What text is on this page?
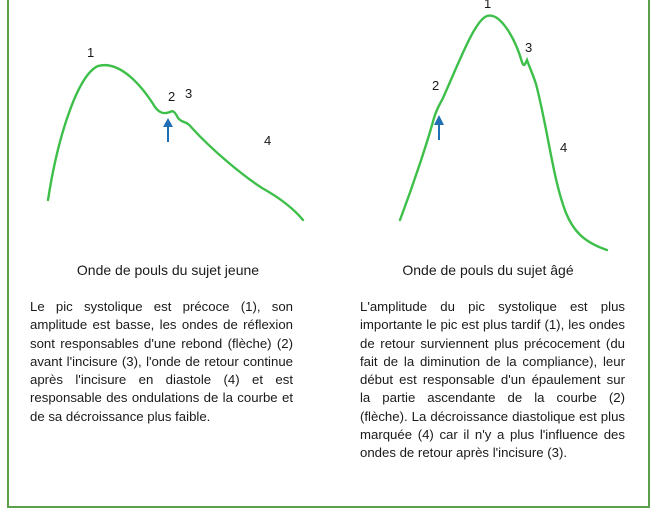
1
2 3
4
1
2
3
4
Onde de pouls du sujet jeune	Onde de pouls du sujet âgé
Le pic systolique est précoce (1), son amplitude est basse, les ondes de réflexion sont responsables d'une rebond (flèche) (2) avant l'incisure (3), l'onde de retour continue après l'incisure en diastole (4) et est responsable des ondulations de la courbe et de sa décroissance plus faible.
L'amplitude du pic systolique est plus importante le pic est plus tardif (1), les ondes de retour surviennent plus précocement (du fait de la diminution de la compliance), leur début est responsable d'un épaulement sur la partie ascendante de la courbe (2) (flèche). La décroissance diastolique est plus marquée (4) car il n'y a plus l'influence des ondes de retour après l'incisure (3).
